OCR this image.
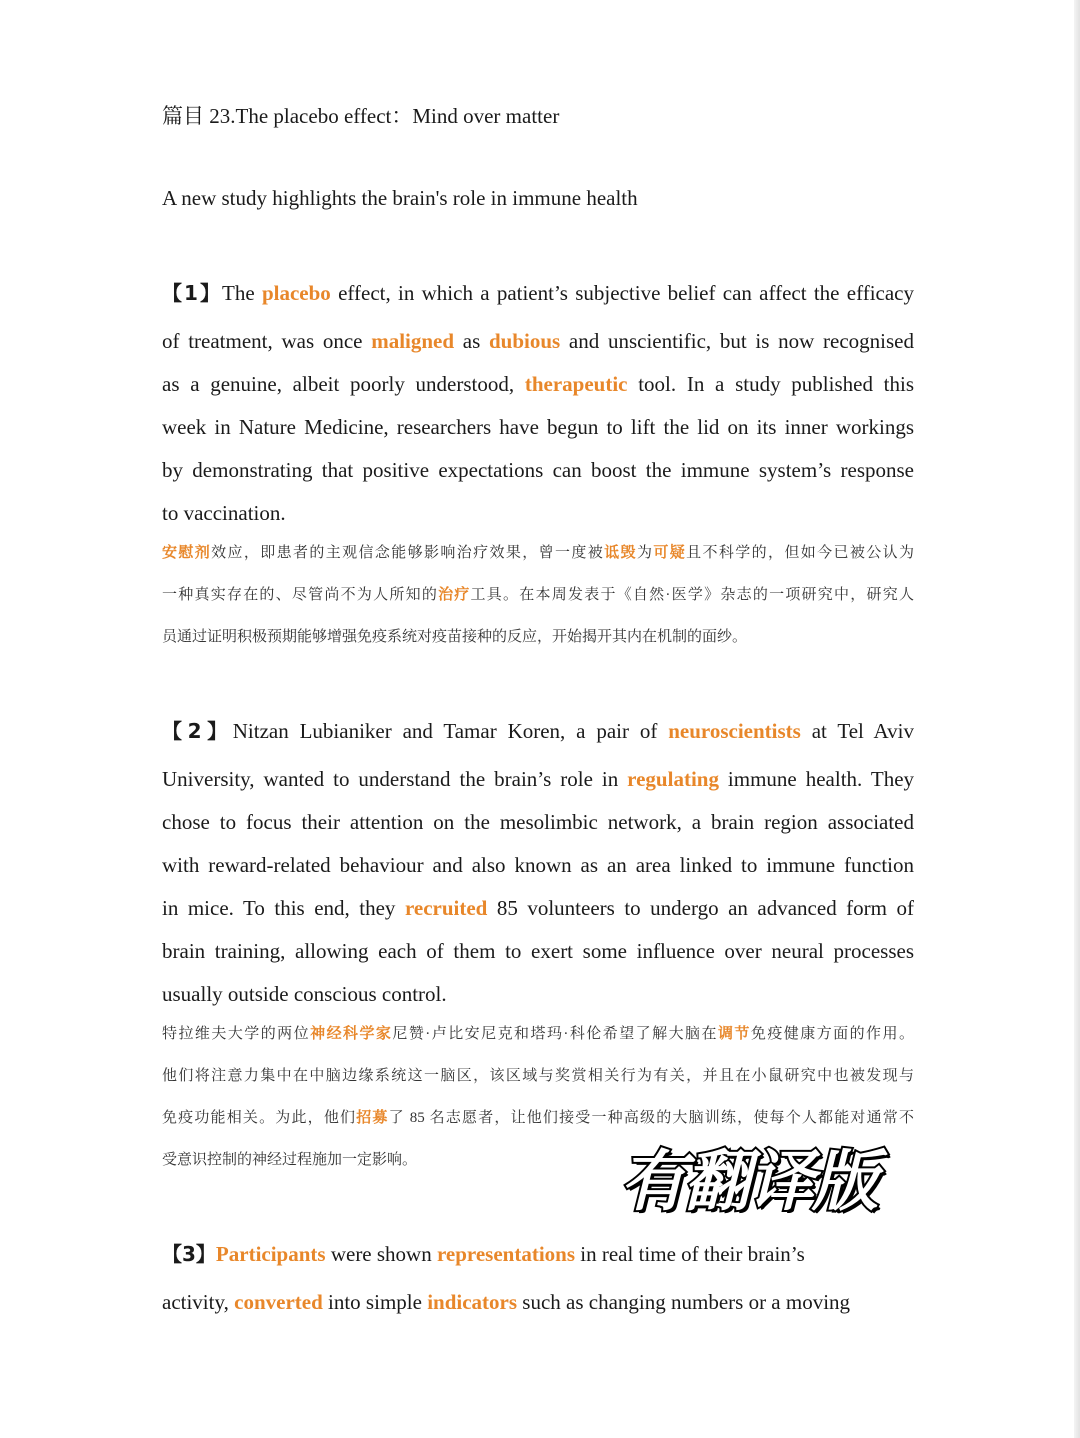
篇目 23.The placebo effect：Mind over matter
A new study highlights the brain's role in immune health
【1】The placebo effect, in which a patient’s subjective belief can affect the efficacy
of treatment, was once maligned as dubious and unscientific, but is now recognised
as a genuine, albeit poorly understood, therapeutic tool. In a study published this
week in Nature Medicine, researchers have begun to lift the lid on its inner workings
by demonstrating that positive expectations can boost the immune system’s response
to vaccination.
安慰剂效应，即患者的主观信念能够影响治疗效果，曾一度被诋毁为可疑且不科学的，但如今已被公认为
一种真实存在的、尽管尚不为人所知的治疗工具。在本周发表于《自然·医学》杂志的一项研究中，研究人
员通过证明积极预期能够增强免疫系统对疫苗接种的反应，开始揭开其内在机制的面纱。
【2】Nitzan Lubianiker and Tamar Koren, a pair of neuroscientists at Tel Aviv
University, wanted to understand the brain’s role in regulating immune health. They
chose to focus their attention on the mesolimbic network, a brain region associated
with reward-related behaviour and also known as an area linked to immune function
in mice. To this end, they recruited 85 volunteers to undergo an advanced form of
brain training, allowing each of them to exert some influence over neural processes
usually outside conscious control.
特拉维夫大学的两位神经科学家尼赞·卢比安尼克和塔玛·科伦希望了解大脑在调节免疫健康方面的作用。
他们将注意力集中在中脑边缘系统这一脑区，该区域与奖赏相关行为有关，并且在小鼠研究中也被发现与
免疫功能相关。为此，他们招募了 85 名志愿者，让他们接受一种高级的大脑训练，使每个人都能对通常不
受意识控制的神经过程施加一定影响。
【3】Participants were shown representations in real time of their brain’s
activity, converted into simple indicators such as changing numbers or a moving
有翻译版
